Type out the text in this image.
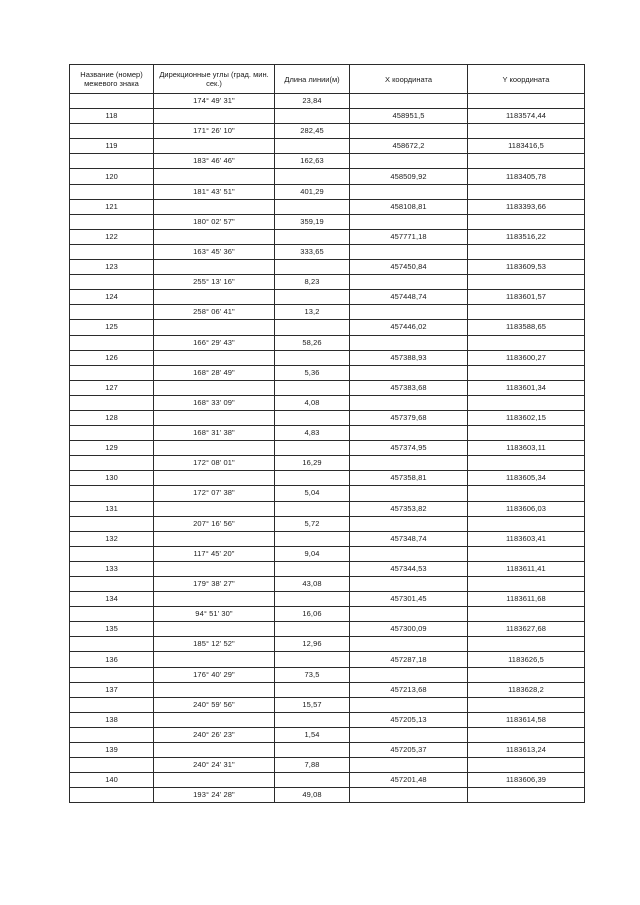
Название (номер) межевого знака	Дирекционные углы (град. мин. сек.)	Длина линии(м)	X координата	Y координата
	174° 49' 31"	23,84		
118			458951,5	1183574,44
	171° 26' 10"	282,45		
119			458672,2	1183416,5
	183° 46' 46"	162,63		
120			458509,92	1183405,78
	181° 43' 51"	401,29		
121			458108,81	1183393,66
	180° 02' 57"	359,19		
122			457771,18	1183516,22
	163° 45' 36"	333,65		
123			457450,84	1183609,53
	255° 13' 16"	8,23		
124			457448,74	1183601,57
	258° 06' 41"	13,2		
125			457446,02	1183588,65
	166° 29' 43"	58,26		
126			457388,93	1183600,27
	168° 28' 49"	5,36		
127			457383,68	1183601,34
	168° 33' 09"	4,08		
128			457379,68	1183602,15
	168° 31' 38"	4,83		
129			457374,95	1183603,11
	172° 08' 01"	16,29		
130			457358,81	1183605,34
	172° 07' 38"	5,04		
131			457353,82	1183606,03
	207° 16' 56"	5,72		
132			457348,74	1183603,41
	117° 45' 20"	9,04		
133			457344,53	1183611,41
	179° 38' 27"	43,08		
134			457301,45	1183611,68
	94° 51' 30"	16,06		
135			457300,09	1183627,68
	185° 12' 52"	12,96		
136			457287,18	1183626,5
	176° 40' 29"	73,5		
137			457213,68	1183628,2
	240° 59' 56"	15,57		
138			457205,13	1183614,58
	240° 26' 23"	1,54		
139			457205,37	1183613,24
	240° 24' 31"	7,88		
140			457201,48	1183606,39
	193° 24' 28"	49,08		
